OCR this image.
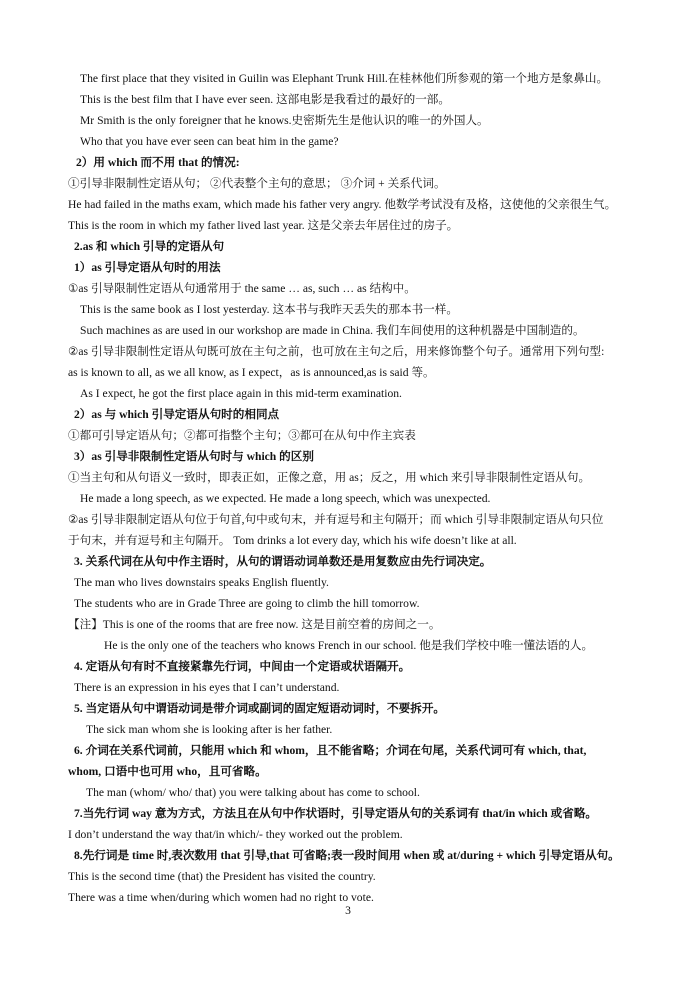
The first place that they visited in Guilin was Elephant Trunk Hill.在桂林他们所参观的第一个地方是象鼻山。
This is the best film that I have ever seen. 这部电影是我看过的最好的一部。
Mr Smith is the only foreigner that he knows.史密斯先生是他认识的唯一的外国人。
Who that you have ever seen can beat him in the game?
2）用 which 而不用 that 的情况:
①引导非限制性定语从句； ②代表整个主句的意思； ③介词 + 关系代词。
He had failed in the maths exam, which made his father very angry. 他数学考试没有及格，这使他的父亲很生气。
This is the room in which my father lived last year. 这是父亲去年居住过的房子。
2.as 和 which 引导的定语从句
1）as 引导定语从句时的用法
①as 引导限制性定语从句通常用于 the same … as, such … as 结构中。
This is the same book as I lost yesterday. 这本书与我昨天丢失的那本书一样。
Such machines as are used in our workshop are made in China. 我们车间使用的这种机器是中国制造的。
②as 引导非限制性定语从句既可放在主句之前，也可放在主句之后，用来修饰整个句子。通常用下列句型:
as is known to all, as we all know, as I expect，as is announced,as is said 等。
As I expect, he got the first place again in this mid-term examination.
2）as 与 which 引导定语从句时的相同点
①都可引导定语从句；②都可指整个主句；③都可在从句中作主宾表
3）as 引导非限制性定语从句时与 which 的区别
①当主句和从句语义一致时，即表正如，正像之意，用 as；反之，用 which 来引导非限制性定语从句。
He made a long speech, as we expected. He made a long speech, which was unexpected.
②as 引导非限制定语从句位于句首,句中或句末，并有逗号和主句隔开；而 which 引导非限制定语从句只位
于句末，并有逗号和主句隔开。 Tom drinks a lot every day, which his wife doesn’t like at all.
3. 关系代词在从句中作主语时，从句的谓语动词单数还是用复数应由先行词决定。
The man who lives downstairs speaks English fluently.
The students who are in Grade Three are going to climb the hill tomorrow.
【注】This is one of the rooms that are free now. 这是目前空着的房间之一。
He is the only one of the teachers who knows French in our school. 他是我们学校中唯一懂法语的人。
4. 定语从句有时不直接紧靠先行词，中间由一个定语或状语隔开。
There is an expression in his eyes that I can’t understand.
5. 当定语从句中谓语动词是带介词或副词的固定短语动词时，不要拆开。
The sick man whom she is looking after is her father.
6. 介词在关系代词前，只能用 which 和 whom，且不能省略；介词在句尾，关系代词可有 which, that,
whom, 口语中也可用 who，且可省略。
The man (whom/ who/ that) you were talking about has come to school.
7.当先行词 way 意为方式，方法且在从句中作状语时，引导定语从句的关系词有 that/in which 或省略。
I don’t understand the way that/in which/- they worked out the problem.
8.先行词是 time 时,表次数用 that 引导,that 可省略;表一段时间用 when 或 at/during + which 引导定语从句。
This is the second time (that) the President has visited the country.
There was a time when/during which women had no right to vote.
3
